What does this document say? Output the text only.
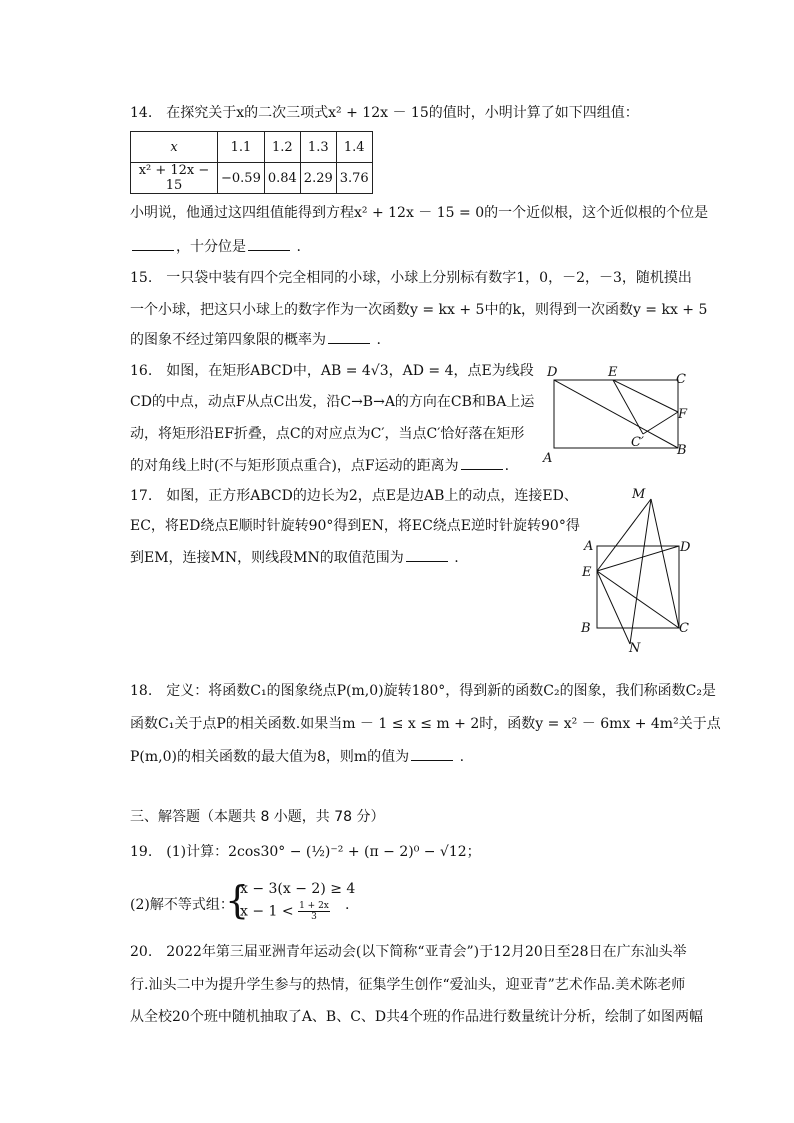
14.　在探究关于x的二次三项式x² + 12x － 15的值时，小明计算了如下四组值：
x	1.1	1.2	1.3	1.4
x² + 12x − 15	−0.59	0.84	2.29	3.76
小明说，他通过这四组值能得到方程x² + 12x － 15 = 0的一个近似根，这个近似根的个位是
，十分位是	.
15.　一只袋中装有四个完全相同的小球，小球上分别标有数字1，0，－2，－3，随机摸出
一个小球，把这只小球上的数字作为一次函数y = kx + 5中的k，则得到一次函数y = kx + 5
的图象不经过第四象限的概率为	.
16.　如图，在矩形ABCD中，AB = 4√3，AD = 4，点E为线段
CD的中点，动点F从点C出发，沿C→B→A的方向在CB和BA上运
动，将矩形沿EF折叠，点C的对应点为C′，当点C′恰好落在矩形
的对角线上时(不与矩形顶点重合)，点F运动的距离为	.
D	E	C
F
C′
A
B
17.　如图，正方形ABCD的边长为2，点E是边AB上的动点，连接ED、
EC，将ED绕点E顺时针旋转90°得到EN，将EC绕点E逆时针旋转90°得
到EM，连接MN，则线段MN的取值范围为	.
M
A	D
E
B	C
N
18.　定义：将函数C₁的图象绕点P(m,0)旋转180°，得到新的函数C₂的图象，我们称函数C₂是
函数C₁关于点P的相关函数.如果当m － 1 ≤ x ≤ m + 2时，函数y = x² － 6mx + 4m²关于点
P(m,0)的相关函数的最大值为8，则m的值为	.
三、解答题（本题共 8 小题，共 78 分）
19.　(1)计算：2cos30° − (½)⁻² + (π − 2)⁰ − √12；
(2)解不等式组：
{
x − 3(x − 2) ≥ 4
$x - 1 < \frac{1 + 2x}{3}$ .
20.　2022年第三届亚洲青年运动会(以下简称“亚青会”)于12月20日至28日在广东汕头举
行.汕头二中为提升学生参与的热情，征集学生创作“爱汕头，迎亚青”艺术作品.美术陈老师
从全校20个班中随机抽取了A、B、C、D共4个班的作品进行数量统计分析，绘制了如图两幅
